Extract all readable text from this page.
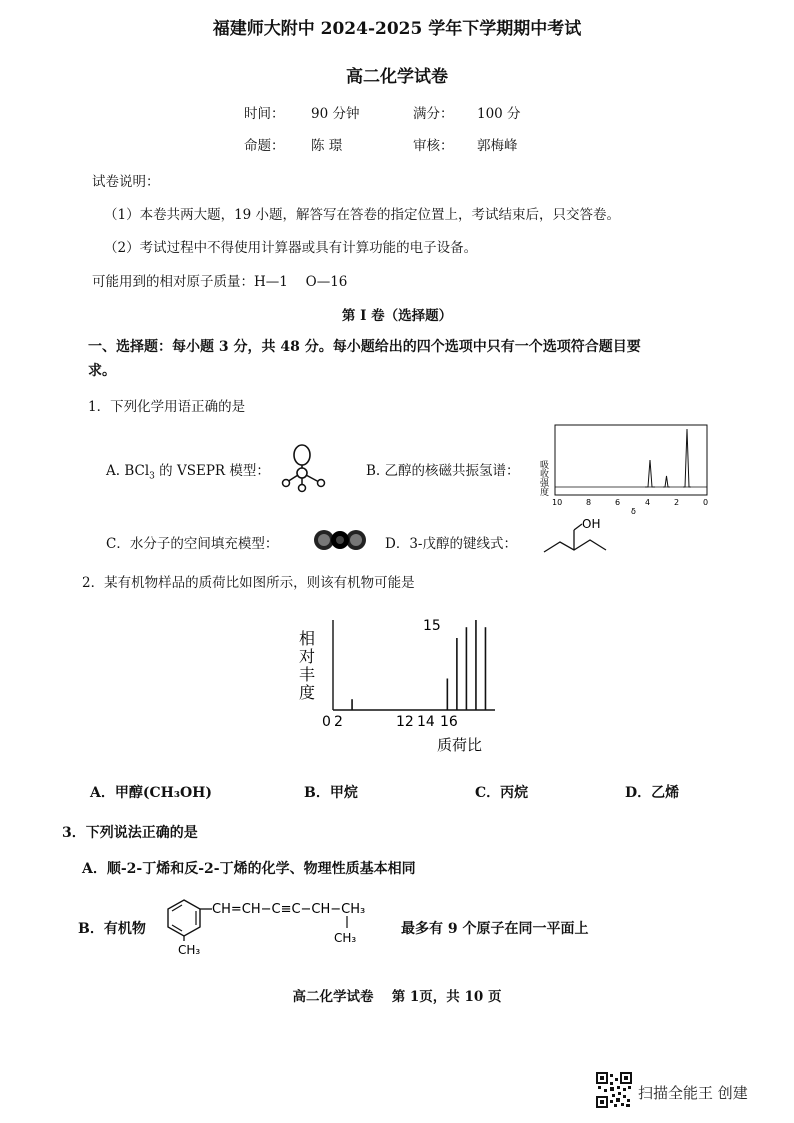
福建师大附中 2024-2025 学年下学期期中考试
高二化学试卷
时间： 90 分钟	满分： 100 分
命题： 陈 璟	审核： 郭梅峰
试卷说明：
（1）本卷共两大题，19 小题，解答写在答卷的指定位置上，考试结束后，只交答卷。
（2）考试过程中不得使用计算器或具有计算功能的电子设备。
可能用到的相对原子质量：H—1　 O—16
第 I 卷（选择题）
一、选择题：每小题 3 分，共 48 分。每小题给出的四个选项中只有一个选项符合题目要
求。
1．下列化学用语正确的是
A. BCl$_3$ 的 VSEPR 模型：	B. 乙醇的核磁共振氢谱： 吸收强度
10	8	6	4	2	0
δ
C．水分子的空间填充模型：	D．3-戊醇的键线式：
OH
2．某有机物样品的质荷比如图所示，则该有机物可能是
相对丰度
15
0 2	12 14 16
质荷比
A．甲醇(CH₃OH)	B．甲烷	C．丙烷	D．乙烯
3．下列说法正确的是
A．顺-2-丁烯和反-2-丁烯的化学、物理性质基本相同
B．有机物
CH=CH−C≡C−CH−CH₃
CH₃
CH₃
最多有 9 个原子在同一平面上
高二化学试卷　 第 1页，共 10 页
扫描全能王 创建
